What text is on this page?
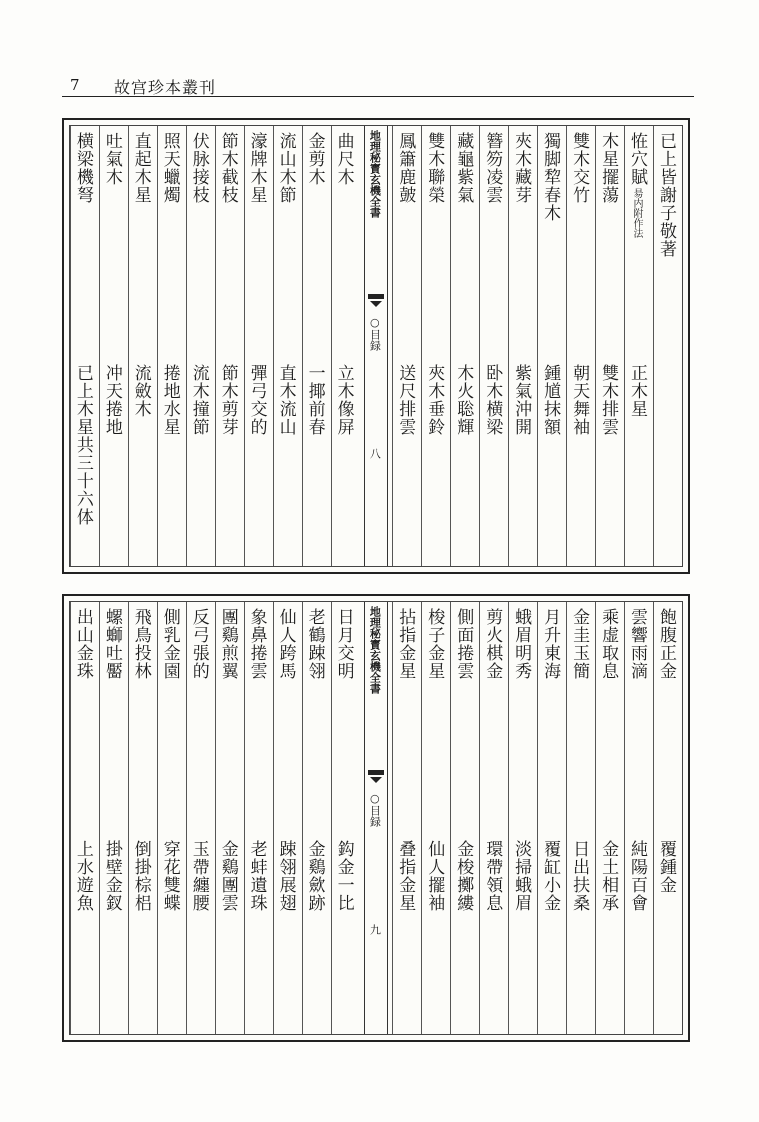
7 故宫珍本叢刊
已上皆謝子敬著
恠穴賦
昜内附作法
正木星
木星擺蕩
雙木排雲
雙木交竹
朝天舞袖
獨脚犂春木
鍾馗抹額
夾木藏芽
紫氣沖開
簪笏凌雲
卧木横梁
藏龜紫氣
木火聡輝
雙木聯榮
夾木垂鈴
鳳簫鹿皷
送尺排雲
地理秘寳玄機全書
○目録
八
曲尺木
立木像屏
金剪木
一揶前春
流山木節
直木流山
濠牌木星
彈弓交的
節木截枝
節木剪芽
伏脉接枝
流木撞節
照天蠟燭
捲地水星
直起木星
流斂木
吐氣木
冲天捲地
横梁機弩
已上木星共三十六体
飽腹正金
覆鍾金
雲響雨滴
純陽百會
乘虚取息
金土相承
金圭玉簡
日出扶桑
月升東海
覆缸小金
蛾眉明秀
淡掃蛾眉
剪火棋金
環帶領息
側面捲雲
金梭擲縷
梭子金星
仙人擺袖
拈指金星
叠指金星
地理秘寳玄機全書
○目録
九
日月交明
鈎金一比
老鶴踈翎
金鷄歛跡
仙人跨馬
踈翎展翅
象鼻捲雲
老蚌遺珠
團鷄煎翼
金鷄團雲
反弓張的
玉帶纏腰
側乳金園
穿花雙蝶
飛鳥投林
倒掛棕梠
螺螄吐靨
掛壁金釵
出山金珠
上水遊魚
